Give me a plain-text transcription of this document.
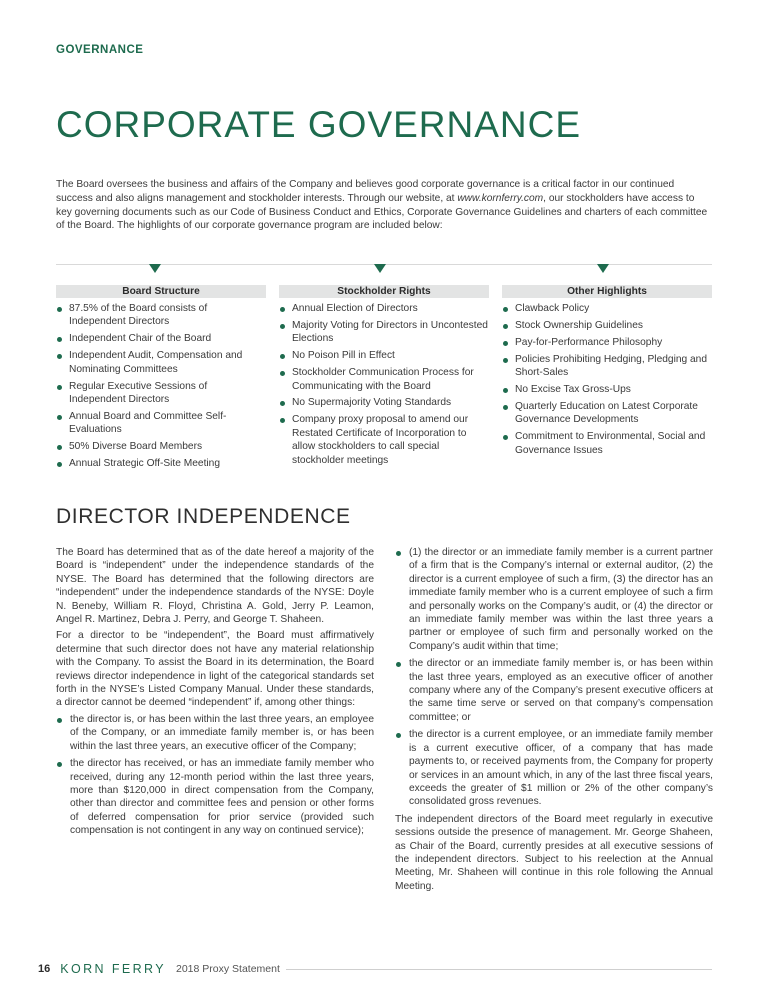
GOVERNANCE
CORPORATE GOVERNANCE

The Board oversees the business and affairs of the Company and believes good corporate governance is a critical factor in our continued success and also aligns management and stockholder interests. Through our website, at www.kornferry.com, our stockholders have access to key governing documents such as our Code of Business Conduct and Ethics, Corporate Governance Guidelines and charters of each committee of the Board. The highlights of our corporate governance program are included below:

Board Structure
87.5% of the Board consists of Independent Directors
Independent Chair of the Board
Independent Audit, Compensation and Nominating Committees
Regular Executive Sessions of Independent Directors
Annual Board and Committee Self-Evaluations
50% Diverse Board Members
Annual Strategic Off-Site Meeting
Stockholder Rights
Annual Election of Directors
Majority Voting for Directors in Uncontested Elections
No Poison Pill in Effect
Stockholder Communication Process for Communicating with the Board
No Supermajority Voting Standards
Company proxy proposal to amend our Restated Certificate of Incorporation to allow stockholders to call special stockholder meetings
Other Highlights
Clawback Policy
Stock Ownership Guidelines
Pay-for-Performance Philosophy
Policies Prohibiting Hedging, Pledging and Short-Sales
No Excise Tax Gross-Ups
Quarterly Education on Latest Corporate Governance Developments
Commitment to Environmental, Social and Governance Issues
DIRECTOR INDEPENDENCE

The Board has determined that as of the date hereof a majority of the Board is “independent” under the independence standards of the NYSE. The Board has determined that the following directors are “independent” under the independence standards of the NYSE: Doyle N. Beneby, William R. Floyd, Christina A. Gold, Jerry P. Leamon, Angel R. Martinez, Debra J. Perry, and George T. Shaheen.

For a director to be “independent”, the Board must affirmatively determine that such director does not have any material relationship with the Company. To assist the Board in its determination, the Board reviews director independence in light of the categorical standards set forth in the NYSE’s Listed Company Manual. Under these standards, a director cannot be deemed “independent” if, among other things:

the director is, or has been within the last three years, an employee of the Company, or an immediate family member is, or has been within the last three years, an executive officer of the Company;
the director has received, or has an immediate family member who received, during any 12-month period within the last three years, more than $120,000 in direct compensation from the Company, other than director and committee fees and pension or other forms of deferred compensation for prior service (provided such compensation is not contingent in any way on continued service);
(1) the director or an immediate family member is a current partner of a firm that is the Company’s internal or external auditor, (2) the director is a current employee of such a firm, (3) the director has an immediate family member who is a current employee of such a firm and personally works on the Company’s audit, or (4) the director or an immediate family member was within the last three years a partner or employee of such firm and personally worked on the Company’s audit within that time;
the director or an immediate family member is, or has been within the last three years, employed as an executive officer of another company where any of the Company’s present executive officers at the same time serve or served on that company’s compensation committee; or
the director is a current employee, or an immediate family member is a current executive officer, of a company that has made payments to, or received payments from, the Company for property or services in an amount which, in any of the last three fiscal years, exceeds the greater of $1 million or 2% of the other company’s consolidated gross revenues.

The independent directors of the Board meet regularly in executive sessions outside the presence of management. Mr. George Shaheen, as Chair of the Board, currently presides at all executive sessions of the independent directors. Subject to his reelection at the Annual Meeting, Mr. Shaheen will continue in this role following the Annual Meeting.

16 KORN FERRY 2018 Proxy Statement
